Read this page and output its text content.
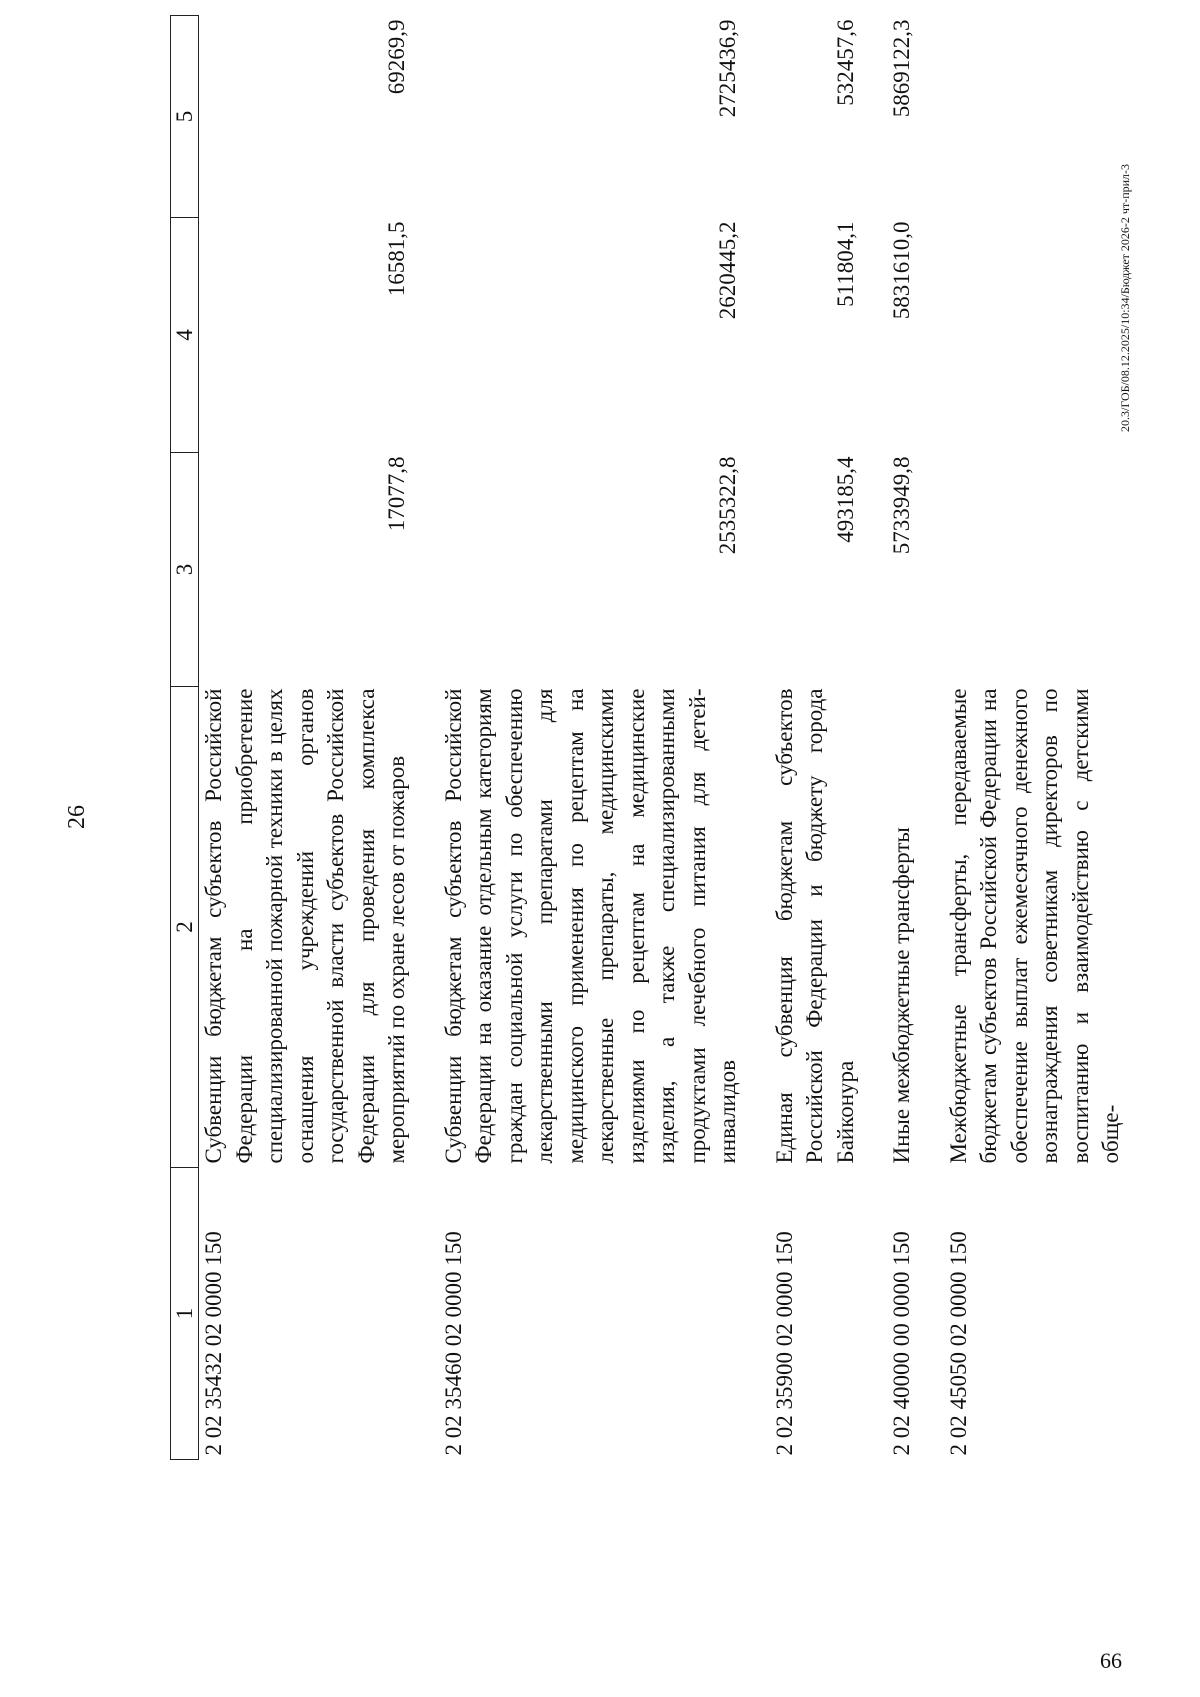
66
26
1	2	3	4	5
2 02 35432 02 0000 150	Субвенции бюджетам субъектов Российской Федерации на приобретение специализированной пожарной техники в целях оснащения учреждений органов государственной власти субъектов Российской Федерации для проведения комплекса мероприятий по охране лесов от пожаров	17077,8	16581,5	69269,9

2 02 35460 02 0000 150	Субвенции бюджетам субъектов Российской Федерации на оказание отдельным категориям граждан социальной услуги по обеспечению лекарственными препаратами для медицинского применения по рецептам на лекарственные препараты, медицинскими изделиями по рецептам на медицинские изделия, а также специализированными продуктами лечебного питания для детей-инвалидов	2535322,8	2620445,2	2725436,9

2 02 35900 02 0000 150	Единая субвенция бюджетам субъектов Российской Федерации и бюджету города Байконура	493185,4	511804,1	532457,6

2 02 40000 00 0000 150	Иные межбюджетные трансферты	5733949,8	5831610,0	5869122,3

2 02 45050 02 0000 150	Межбюджетные трансферты, передаваемые бюджетам субъектов Российской Федерации на обеспечение выплат ежемесячного денежного вознаграждения советникам директоров по воспитанию и взаимодействию с детскими обще-			
20.3/ГОБ/08.12.2025/10:34/Бюджет 2026-2 чт-прил-3
